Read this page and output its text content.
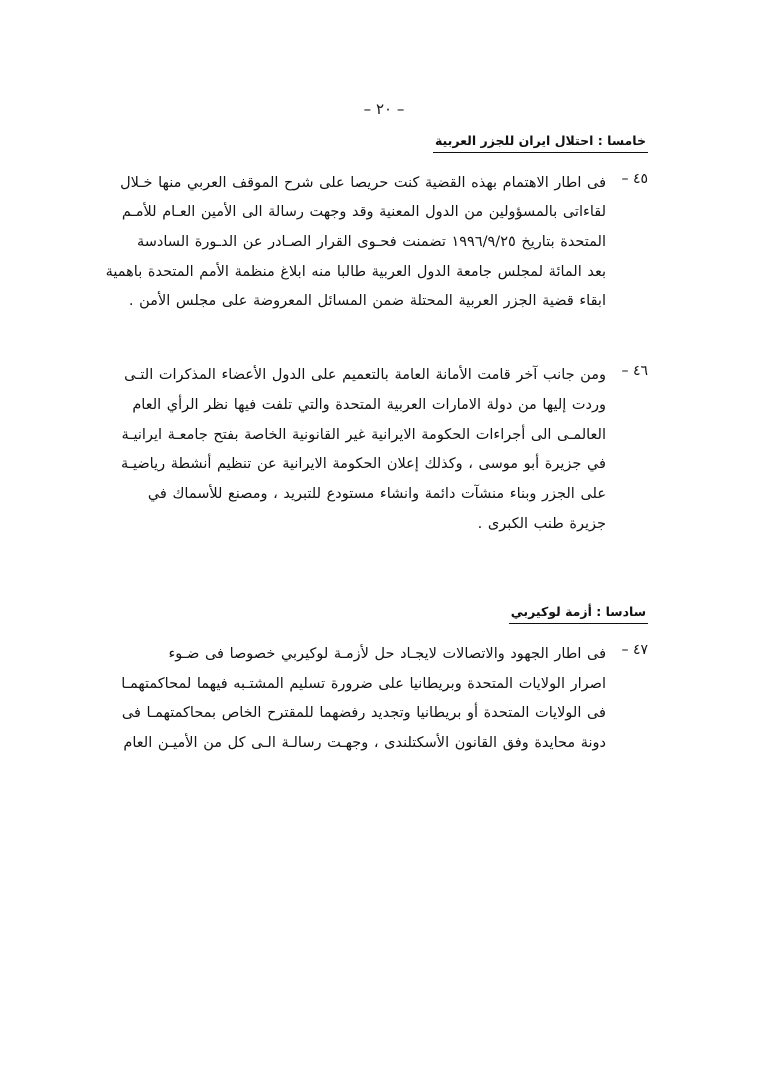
– ٢٠ –
خامسا : احتلال ايران للجزر العربية
٤٥ –
فى اطار الاهتمام بهذه القضية كنت حريصا على شرح الموقف العربي منها خـلال
لقاءاتى بالمسؤولين من الدول المعنية وقد وجهت رسالة الى الأمين العـام للأمـم
المتحدة بتاريخ ١٩٩٦/٩/٢٥ تضمنت فحـوى القرار الصـادر عن الدـورة السادسة
بعد المائة لمجلس جامعة الدول العربية طالبا منه ابلاغ منظمة الأمم المتحدة باهمية
ابقاء قضية الجزر العربية المحتلة ضمن المسائل المعروضة على مجلس الأمن .
٤٦ –
ومن جانب آخر قامت الأمانة العامة بالتعميم على الدول الأعضاء المذكرات التـى
وردت إليها من دولة الامارات العربية المتحدة والتي تلفت فيها نظر الرأي العام
العالمـى الى أجراءات الحكومة الايرانية غير القانونية الخاصة بفتح جامعـة ايرانيـة
في جزيرة أبو موسى ، وكذلك إعلان الحكومة الايرانية عن تنظيم أنشطة رياضيـة
على الجزر وبناء منشآت دائمة وانشاء مستودع للتبريد ، ومصنع للأسماك في
جزيرة طنب الكبرى .
سادسا : أزمة لوكيربي
٤٧ –
فى اطار الجهود والاتصالات لايجـاد حل لأزمـة لوكيربي خصوصا فى ضـوء
اصرار الولايات المتحدة وبريطانيا على ضرورة تسليم المشتـبه فيهما لمحاكمتهمـا
فى الولايات المتحدة أو بريطانيا وتجديد رفضهما للمقترح الخاص بمحاكمتهمـا فى
دونة محايدة وفق القانون الأسكتلندى ، وجهـت رسالـة الـى كل من الأميـن العام
